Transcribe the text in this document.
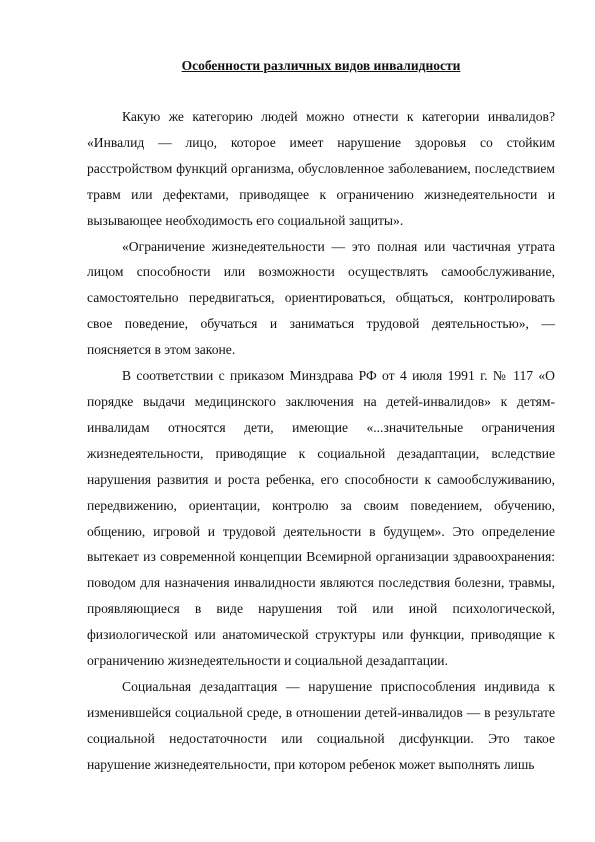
Особенности различных видов инвалидности

Какую же категорию людей можно отнести к категории инвалидов? «Инвалид — лицо, которое имеет нарушение здоровья со стойким расстройством функций организма, обусловленное заболеванием, последствием травм или дефектами, приводящее к ограничению жизнедеятельности и вызывающее необходимость его социальной защиты».

«Ограничение жизнедеятельности — это полная или частичная утрата лицом способности или возможности осуществлять самообслуживание, самостоятельно передвигаться, ориентироваться, общаться, контролировать свое поведение, обучаться и заниматься трудовой деятельностью», — поясняется в этом законе.

В соответствии с приказом Минздрава РФ от 4 июля 1991 г. № 117 «О порядке выдачи медицинского заключения на детей-инвалидов» к детям-инвалидам относятся дети, имеющие «...значительные ограничения жизнедеятельности, приводящие к социальной дезадаптации, вследствие нарушения развития и роста ребенка, его способности к самообслуживанию, передвижению, ориентации, контролю за своим поведением, обучению, общению, игровой и трудовой деятельности в будущем». Это определение вытекает из современной концепции Всемирной организации здравоохранения: поводом для назначения инвалидности являются последствия болезни, травмы, проявляющиеся в виде нарушения той или иной психологической, физиологической или анатомической структуры или функции, приводящие к ограничению жизнедеятельности и социальной дезадаптации.

Социальная дезадаптация — нарушение приспособления индивида к изменившейся социальной среде, в отношении детей-инвалидов — в результате социальной недостаточности или социальной дисфункции. Это такое нарушение жизнедеятельности, при котором ребенок может выполнять лишь
